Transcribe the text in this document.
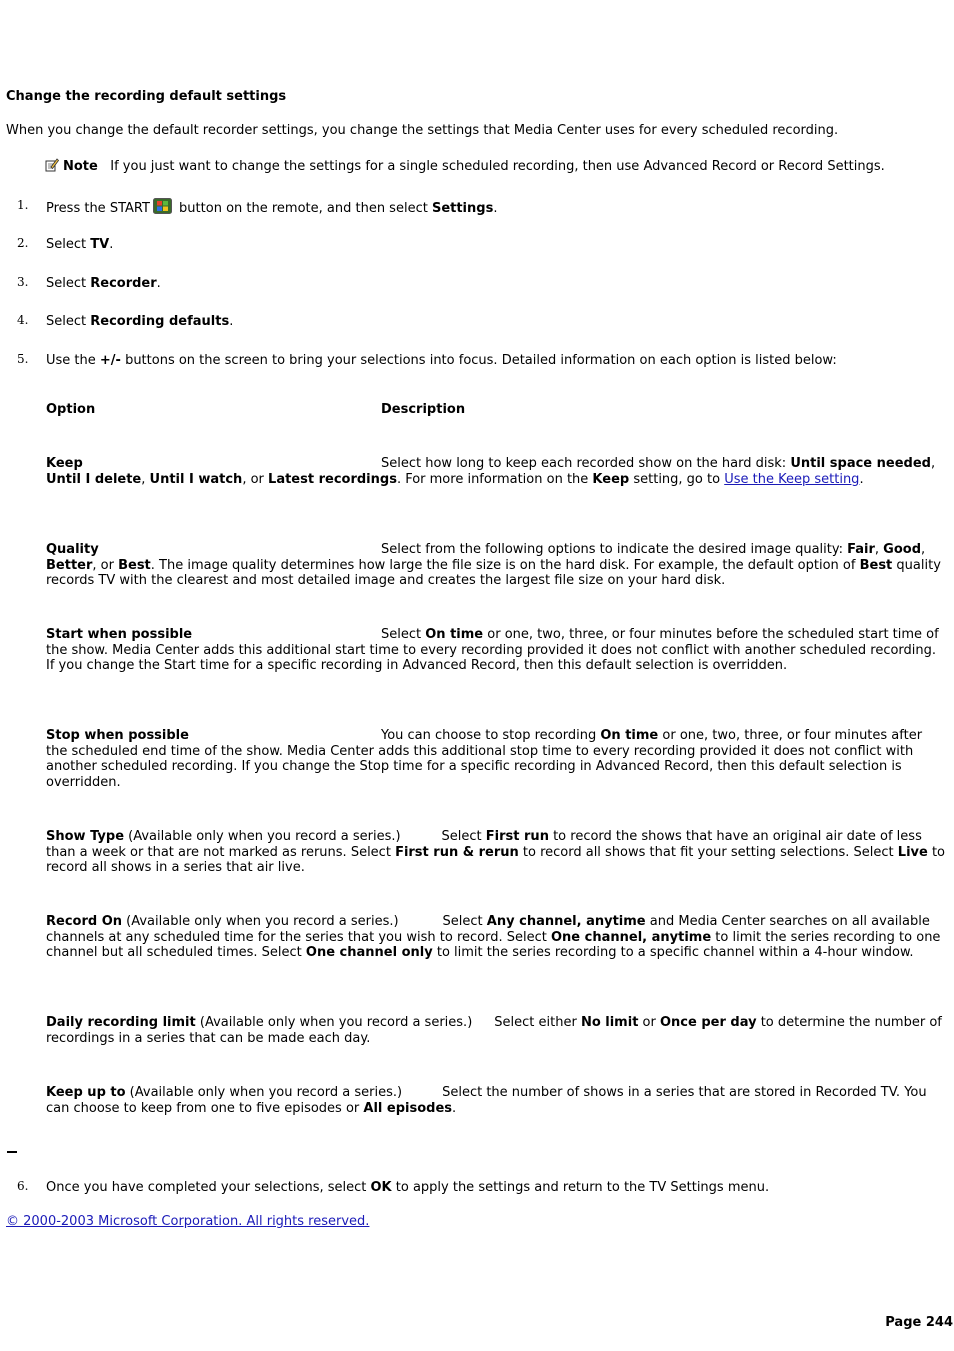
Change the recording default settings
When you change the default recorder settings, you change the settings that Media Center uses for every scheduled recording.
Note If you just want to change the settings for a single scheduled recording, then use Advanced Record or Record Settings.
1. Press the START button on the remote, and then select Settings.
2. Select TV.
3. Select Recorder.
4. Select Recording defaults.
5. Use the +/- buttons on the screen to bring your selections into focus. Detailed information on each option is listed below:
Option	Description
Keep	Select how long to keep each recorded show on the hard disk: Until space needed, Until I delete, Until I watch, or Latest recordings. For more information on the Keep setting, go to Use the Keep setting.
Quality	Select from the following options to indicate the desired image quality: Fair, Good, Better, or Best. The image quality determines how large the file size is on the hard disk. For example, the default option of Best quality records TV with the clearest and most detailed image and creates the largest file size on your hard disk.
Start when possible	Select On time or one, two, three, or four minutes before the scheduled start time of the show. Media Center adds this additional start time to every recording provided it does not conflict with another scheduled recording. If you change the Start time for a specific recording in Advanced Record, then this default selection is overridden.
Stop when possible	You can choose to stop recording On time or one, two, three, or four minutes after the scheduled end time of the show. Media Center adds this additional stop time to every recording provided it does not conflict with another scheduled recording. If you change the Stop time for a specific recording in Advanced Record, then this default selection is overridden.
Show Type (Available only when you record a series.)	Select First run to record the shows that have an original air date of less than a week or that are not marked as reruns. Select First run & rerun to record all shows that fit your setting selections. Select Live to record all shows in a series that air live.
Record On (Available only when you record a series.)	Select Any channel, anytime and Media Center searches on all available channels at any scheduled time for the series that you wish to record. Select One channel, anytime to limit the series recording to one channel but all scheduled times. Select One channel only to limit the series recording to a specific channel within a 4-hour window.
Daily recording limit (Available only when you record a series.) Select either No limit or Once per day to determine the number of recordings in a series that can be made each day.
Keep up to (Available only when you record a series.)	Select the number of shows in a series that are stored in Recorded TV. You can choose to keep from one to five episodes or All episodes.
6. Once you have completed your selections, select OK to apply the settings and return to the TV Settings menu.
© 2000-2003 Microsoft Corporation. All rights reserved.
Page 244
